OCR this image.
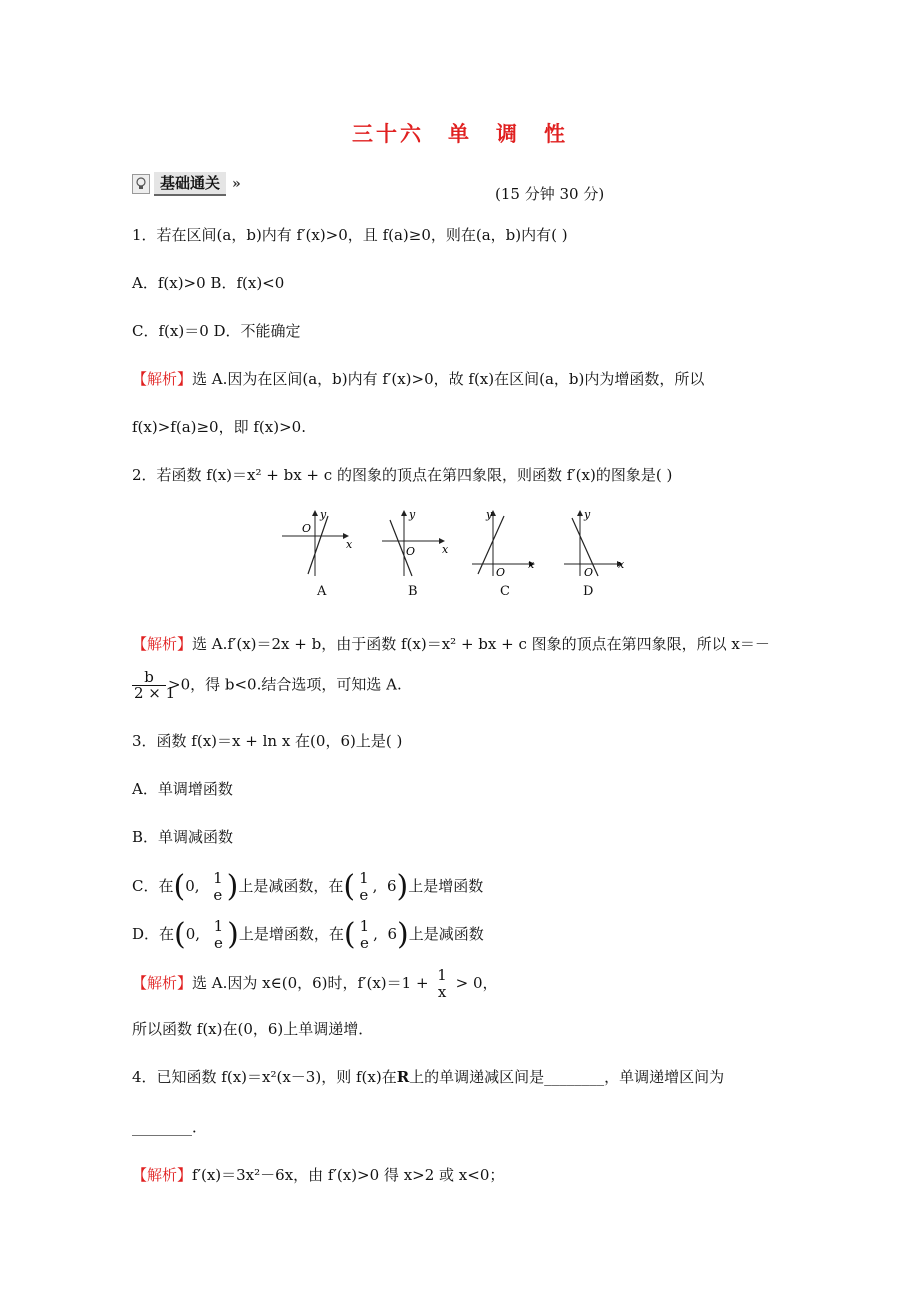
三十六 单 调 性
基础通关 »
(15 分钟 30 分)
1．若在区间(a，b)内有 f′(x)>0，且 f(a)≥0，则在(a，b)内有( )
A．f(x)>0 B．f(x)<0
C．f(x)＝0 D．不能确定
【解析】选 A.因为在区间(a，b)内有 f′(x)>0，故 f(x)在区间(a，b)内为增函数，所以
f(x)>f(a)≥0，即 f(x)>0.
2．若函数 f(x)＝x² + bx + c 的图象的顶点在第四象限，则函数 f′(x)的图象是( )
O
y
x
O
y
x
O
y
x
O
y
x
A	B	C	D
【解析】选 A.f′(x)＝2x + b，由于函数 f(x)＝x² + bx + c 图象的顶点在第四象限，所以 x＝－
$\frac{b}{2 \times 1} >0$，得 b<0.结合选项，可知选 A.
3．函数 f(x)＝x + ln x 在(0，6)上是( )
A．单调增函数
B．单调减函数
C．在(0, 1
e )上是减函数，在( 1
e , 6)上是增函数
D．在(0, 1
e )上是增函数，在( 1
e , 6)上是减函数
【解析】选 A.因为 x∈(0，6)时，f′(x)＝1 + 1
x > 0，
所以函数 f(x)在(0，6)上单调递增．
4．已知函数 f(x)＝x²(x－3)，则 f(x)在R上的单调递减区间是________，单调递增区间为
________．
【解析】f′(x)＝3x²－6x，由 f′(x)>0 得 x>2 或 x<0；
